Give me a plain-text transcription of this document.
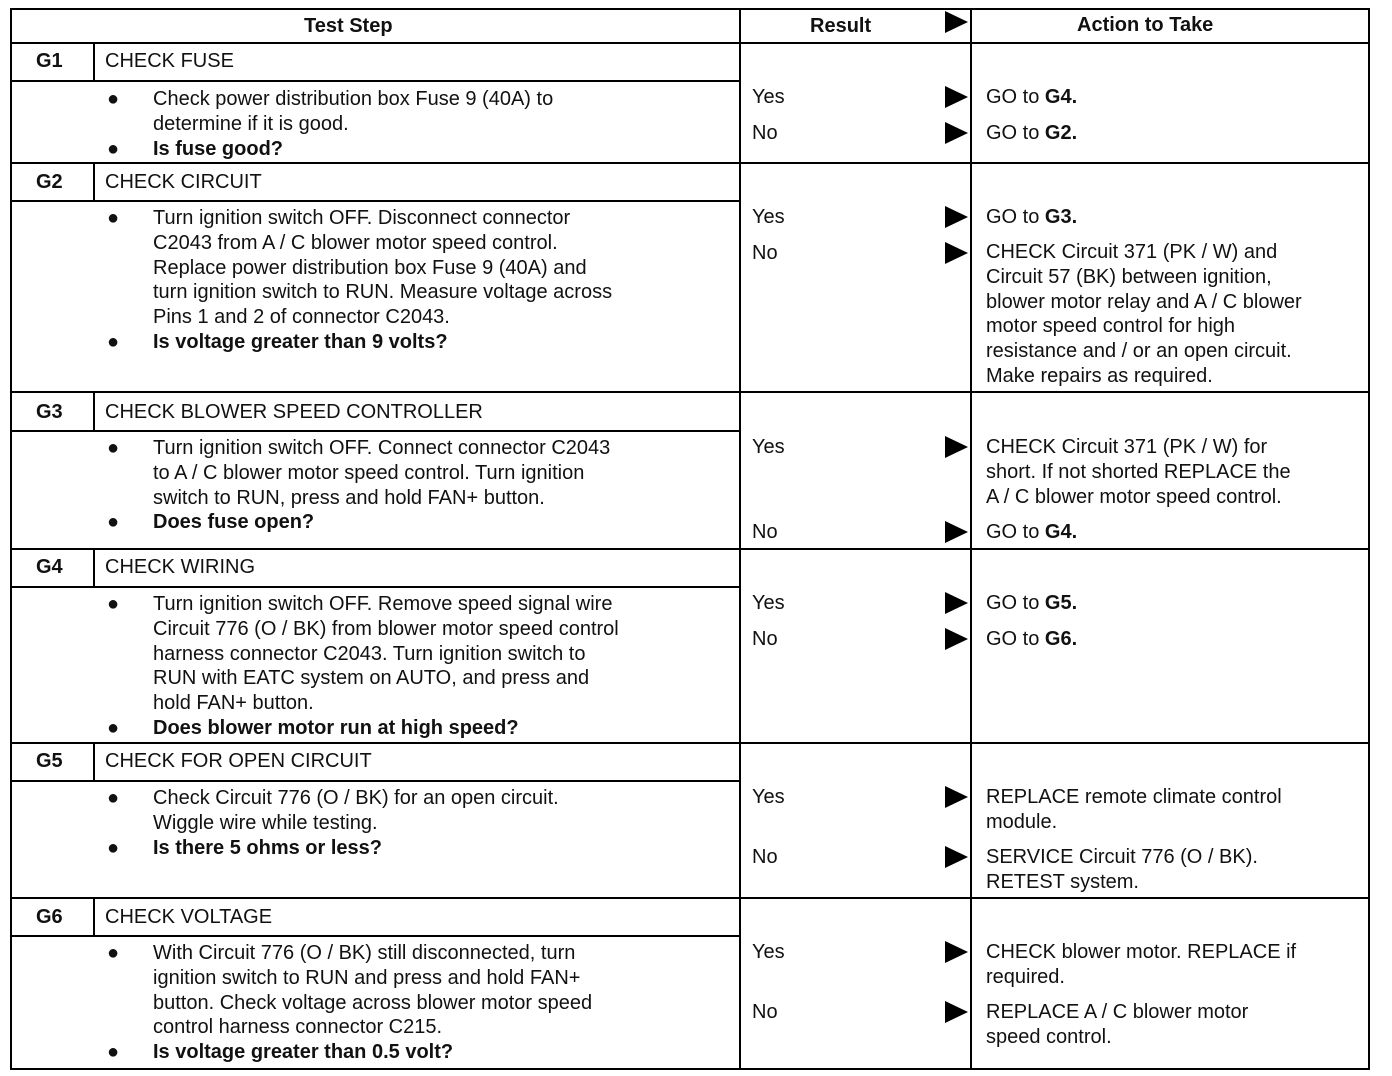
Test Step	Result	Action to Take
G1 CHECK FUSE
●	Check power distribution box Fuse 9 (40A) to
determine if it is good.
●	Is fuse good?
Yes	GO to G4.
No	GO to G2.
G2 CHECK CIRCUIT
●	Turn ignition switch OFF. Disconnect connector
C2043 from A / C blower motor speed control.
Replace power distribution box Fuse 9 (40A) and
turn ignition switch to RUN. Measure voltage across
Pins 1 and 2 of connector C2043.
●	Is voltage greater than 9 volts?
Yes	GO to G3.
No	CHECK Circuit 371 (PK / W) and
Circuit 57 (BK) between ignition,
blower motor relay and A / C blower
motor speed control for high
resistance and / or an open circuit.
Make repairs as required.
G3 CHECK BLOWER SPEED CONTROLLER
●	Turn ignition switch OFF. Connect connector C2043
to A / C blower motor speed control. Turn ignition
switch to RUN, press and hold FAN+ button.
●	Does fuse open?
Yes	CHECK Circuit 371 (PK / W) for
short. If not shorted REPLACE the
A / C blower motor speed control.
No	GO to G4.
G4 CHECK WIRING
●	Turn ignition switch OFF. Remove speed signal wire
Circuit 776 (O / BK) from blower motor speed control
harness connector C2043. Turn ignition switch to
RUN with EATC system on AUTO, and press and
hold FAN+ button.
●	Does blower motor run at high speed?
Yes	GO to G5.
No	GO to G6.
G5 CHECK FOR OPEN CIRCUIT
●	Check Circuit 776 (O / BK) for an open circuit.
Wiggle wire while testing.
●	Is there 5 ohms or less?
Yes	REPLACE remote climate control
module.
No	SERVICE Circuit 776 (O / BK).
RETEST system.
G6 CHECK VOLTAGE
●	With Circuit 776 (O / BK) still disconnected, turn
ignition switch to RUN and press and hold FAN+
button. Check voltage across blower motor speed
control harness connector C215.
●	Is voltage greater than 0.5 volt?
Yes	CHECK blower motor. REPLACE if
required.
No	REPLACE A / C blower motor
speed control.
